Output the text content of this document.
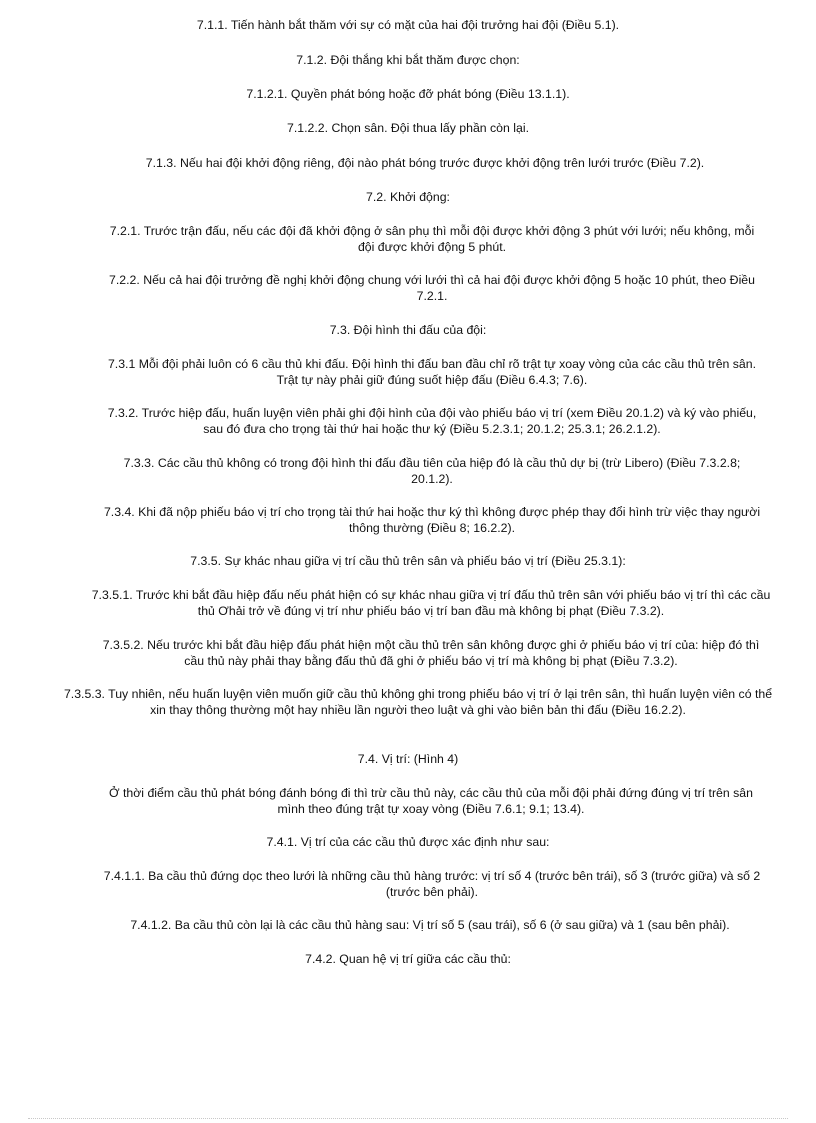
7.1.1. Tiến hành bắt thăm với sự có mặt của hai đội trưởng hai đội (Điều 5.1).
7.1.2. Đội thắng khi bắt thăm được chọn:
7.1.2.1. Quyền phát bóng hoặc đỡ phát bóng (Điều 13.1.1).
7.1.2.2. Chọn sân. Đội thua lấy phần còn lại.
7.1.3. Nếu hai đội khởi động riêng, đội nào phát bóng trước được khởi động trên lưới trước (Điều 7.2).
7.2. Khởi động:
7.2.1. Trước trận đấu, nếu các đội đã khởi động ở sân phụ thì mỗi đội được khởi động 3 phút với lưới; nếu không, mỗi đội được khởi động 5 phút.
7.2.2. Nếu cả hai đội trưởng đề nghị khởi động chung với lưới thì cả hai đội được khởi động 5 hoặc 10 phút, theo Điều 7.2.1.
7.3. Đội hình thi đấu của đội:
7.3.1 Mỗi đội phải luôn có 6 cầu thủ khi đấu. Đội hình thi đấu ban đầu chỉ rõ trật tự xoay vòng của các cầu thủ trên sân. Trật tự này phải giữ đúng suốt hiệp đấu (Điều 6.4.3; 7.6).
7.3.2. Trước hiệp đấu, huấn luyện viên phải ghi đội hình của đội vào phiếu báo vị trí (xem Điều 20.1.2) và ký vào phiếu, sau đó đưa cho trọng tài thứ hai hoặc thư ký (Điều 5.2.3.1; 20.1.2; 25.3.1; 26.2.1.2).
7.3.3. Các cầu thủ không có trong đội hình thi đấu đầu tiên của hiệp đó là cầu thủ dự bị (trừ Libero) (Điều 7.3.2.8; 20.1.2).
7.3.4. Khi đã nộp phiếu báo vị trí cho trọng tài thứ hai hoặc thư ký thì không được phép thay đổi hình trừ việc thay người thông thường (Điều 8; 16.2.2).
7.3.5. Sự khác nhau giữa vị trí cầu thủ trên sân và phiếu báo vị trí (Điều 25.3.1):
7.3.5.1. Trước khi bắt đầu hiệp đấu nếu phát hiện có sự khác nhau giữa vị trí đấu thủ trên sân với phiếu báo vị trí thì các cầu thủ Ơhải trở về đúng vị trí như phiếu báo vị trí ban đầu mà không bị phạt (Điều 7.3.2).
7.3.5.2. Nếu trước khi bắt đầu hiệp đấu phát hiện một cầu thủ trên sân không được ghi ở phiếu báo vị trí của: hiệp đó thì cầu thủ này phải thay bằng đấu thủ đã ghi ở phiếu báo vị trí mà không bị phạt (Điều 7.3.2).
7.3.5.3. Tuy nhiên, nếu huấn luyện viên muốn giữ cầu thủ không ghi trong phiếu báo vị trí ở lại trên sân, thì huấn luyện viên có thể xin thay thông thường một hay nhiều lần người theo luật và ghi vào biên bản thi đấu (Điều 16.2.2).
7.4. Vị trí: (Hình 4)
Ở thời điểm cầu thủ phát bóng đánh bóng đi thì trừ cầu thủ này, các cầu thủ của mỗi đội phải đứng đúng vị trí trên sân mình theo đúng trật tự xoay vòng (Điều 7.6.1; 9.1; 13.4).
7.4.1. Vị trí của các cầu thủ được xác định như sau:
7.4.1.1. Ba cầu thủ đứng dọc theo lưới là những cầu thủ hàng trước: vị trí số 4 (trước bên trái), số 3 (trước giữa) và số 2 (trước bên phải).
7.4.1.2. Ba cầu thủ còn lại là các cầu thủ hàng sau: Vị trí số 5 (sau trái), số 6 (ở sau giữa) và 1 (sau bên phải).
7.4.2. Quan hệ vị trí giữa các cầu thủ:
